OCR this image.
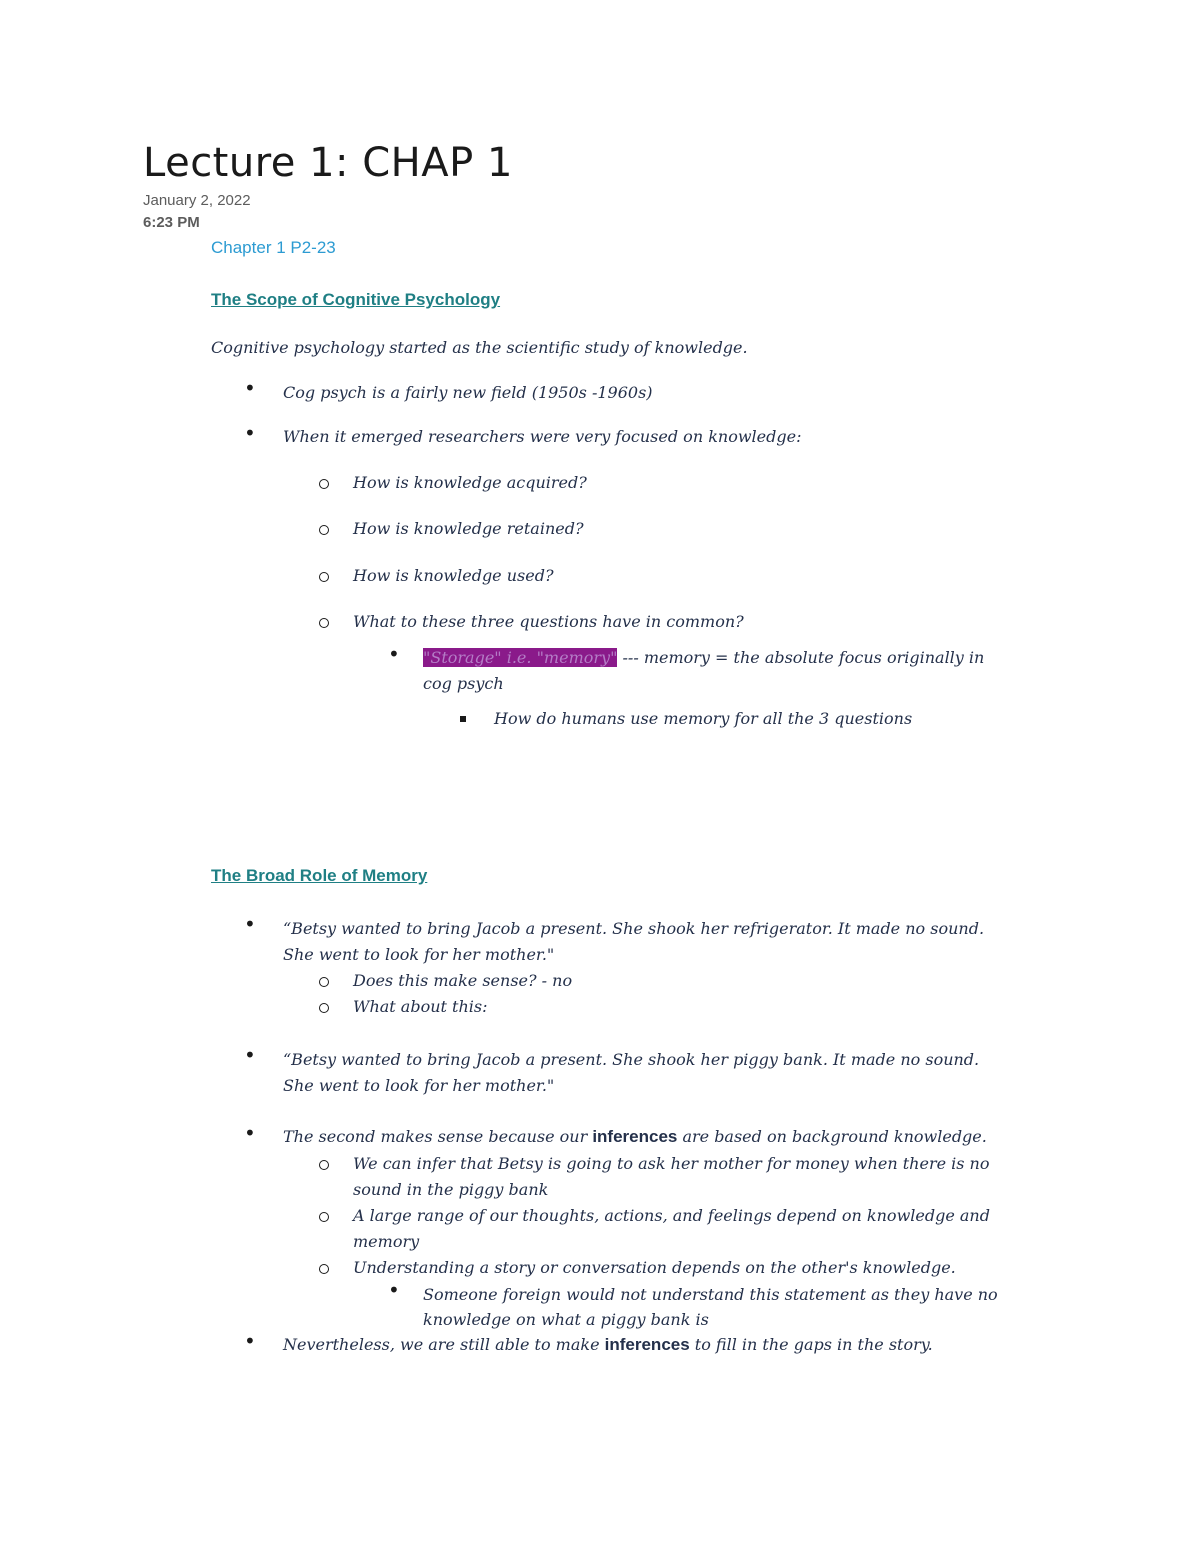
Lecture 1: CHAP 1
January 2, 2022
6:23 PM
Chapter 1 P2-23
The Scope of Cognitive Psychology
Cognitive psychology started as the scientific study of knowledge.
• Cog psych is a fairly new field (1950s -1960s)
• When it emerged researchers were very focused on knowledge:
How is knowledge acquired?
How is knowledge retained?
How is knowledge used?
What to these three questions have in common?
• "Storage" i.e. "memory" --- memory = the absolute focus originally in
cog psych
How do humans use memory for all the 3 questions
The Broad Role of Memory
• “Betsy wanted to bring Jacob a present. She shook her refrigerator. It made no sound.
She went to look for her mother."
Does this make sense? - no
What about this:
• “Betsy wanted to bring Jacob a present. She shook her piggy bank. It made no sound.
She went to look for her mother."
• The second makes sense because our inferences are based on background knowledge.
We can infer that Betsy is going to ask her mother for money when there is no
sound in the piggy bank
A large range of our thoughts, actions, and feelings depend on knowledge and
memory
Understanding a story or conversation depends on the other's knowledge.
• Someone foreign would not understand this statement as they have no
knowledge on what a piggy bank is
• Nevertheless, we are still able to make inferences to fill in the gaps in the story.
